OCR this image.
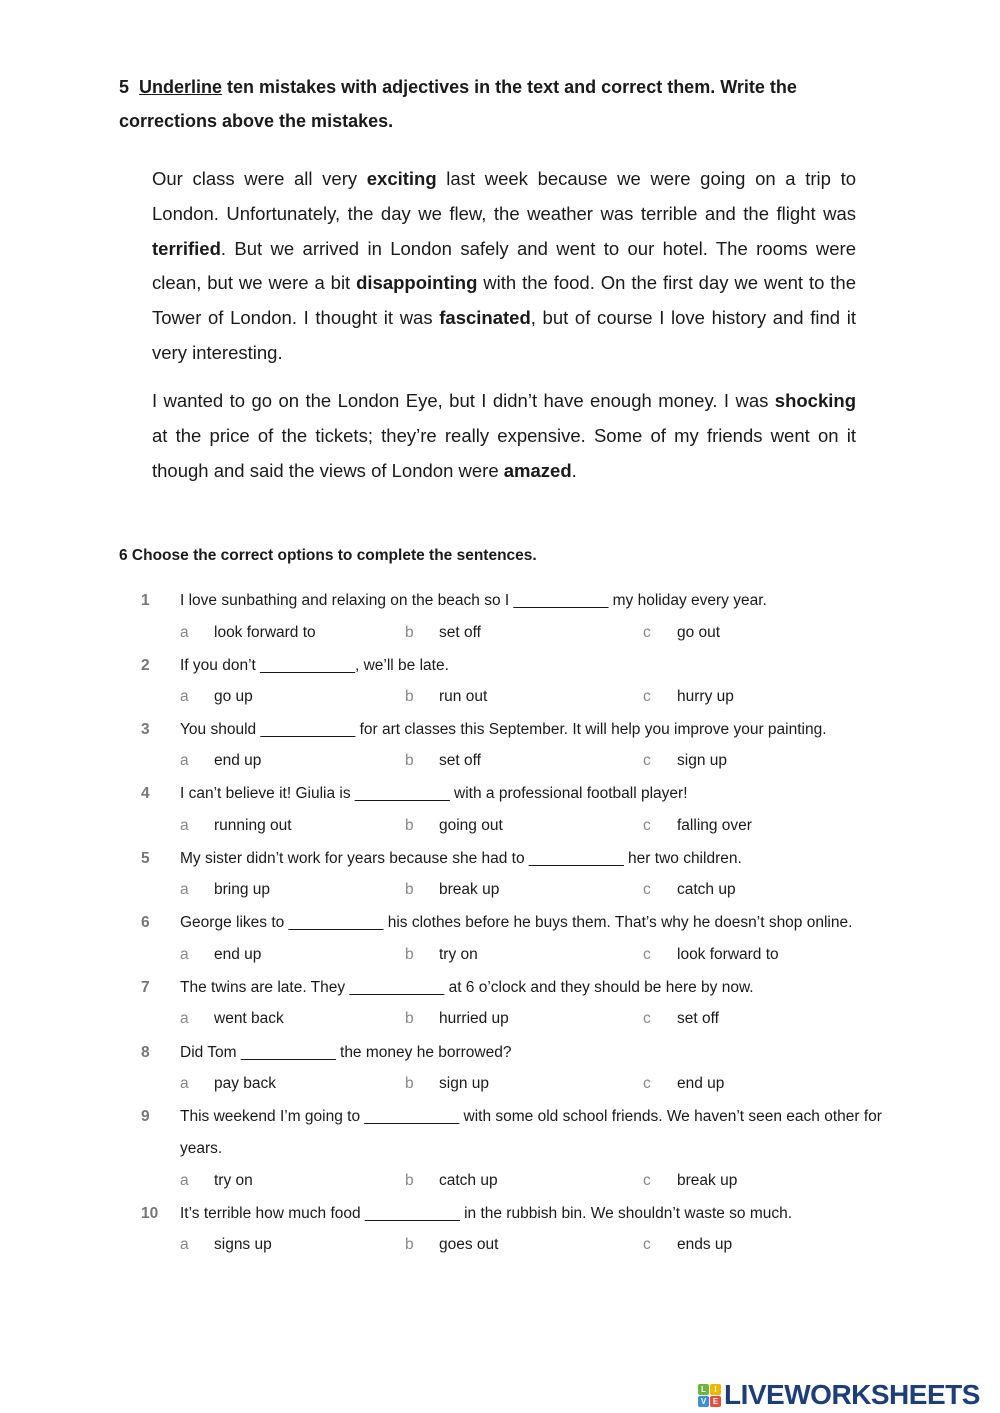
5 Underline ten mistakes with adjectives in the text and correct them. Write the corrections above the mistakes.
Our class were all very exciting last week because we were going on a trip to London. Unfortunately, the day we flew, the weather was terrible and the flight was terrified. But we arrived in London safely and went to our hotel. The rooms were clean, but we were a bit disappointing with the food. On the first day we went to the Tower of London. I thought it was fascinated, but of course I love history and find it very interesting.
I wanted to go on the London Eye, but I didn’t have enough money. I was shocking at the price of the tickets; they’re really expensive. Some of my friends went on it though and said the views of London were amazed.
6 Choose the correct options to complete the sentences.
1 I love sunbathing and relaxing on the beach so I ___________ my holiday every year.
a look forward to	b set off	c go out
2 If you don’t ___________, we’ll be late.
a go up	b run out	c hurry up
3 You should ___________ for art classes this September. It will help you improve your painting.
a end up	b set off	c sign up
4 I can’t believe it! Giulia is ___________ with a professional football player!
a running out	b going out	c falling over
5 My sister didn’t work for years because she had to ___________ her two children.
a bring up	b break up	c catch up
6 George likes to ___________ his clothes before he buys them. That’s why he doesn’t shop online.
a end up	b try on	c look forward to
7 The twins are late. They ___________ at 6 o’clock and they should be here by now.
a went back	b hurried up	c set off
8 Did Tom ___________ the money he borrowed?
a pay back	b sign up	c end up
9 This weekend I’m going to ___________ with some old school friends. We haven’t seen each other for years.
a try on	b catch up	c break up
10 It’s terrible how much food ___________ in the rubbish bin. We shouldn’t waste so much.
a signs up	b goes out	c ends up
L	I
V E LIVEWORKSHEETS
